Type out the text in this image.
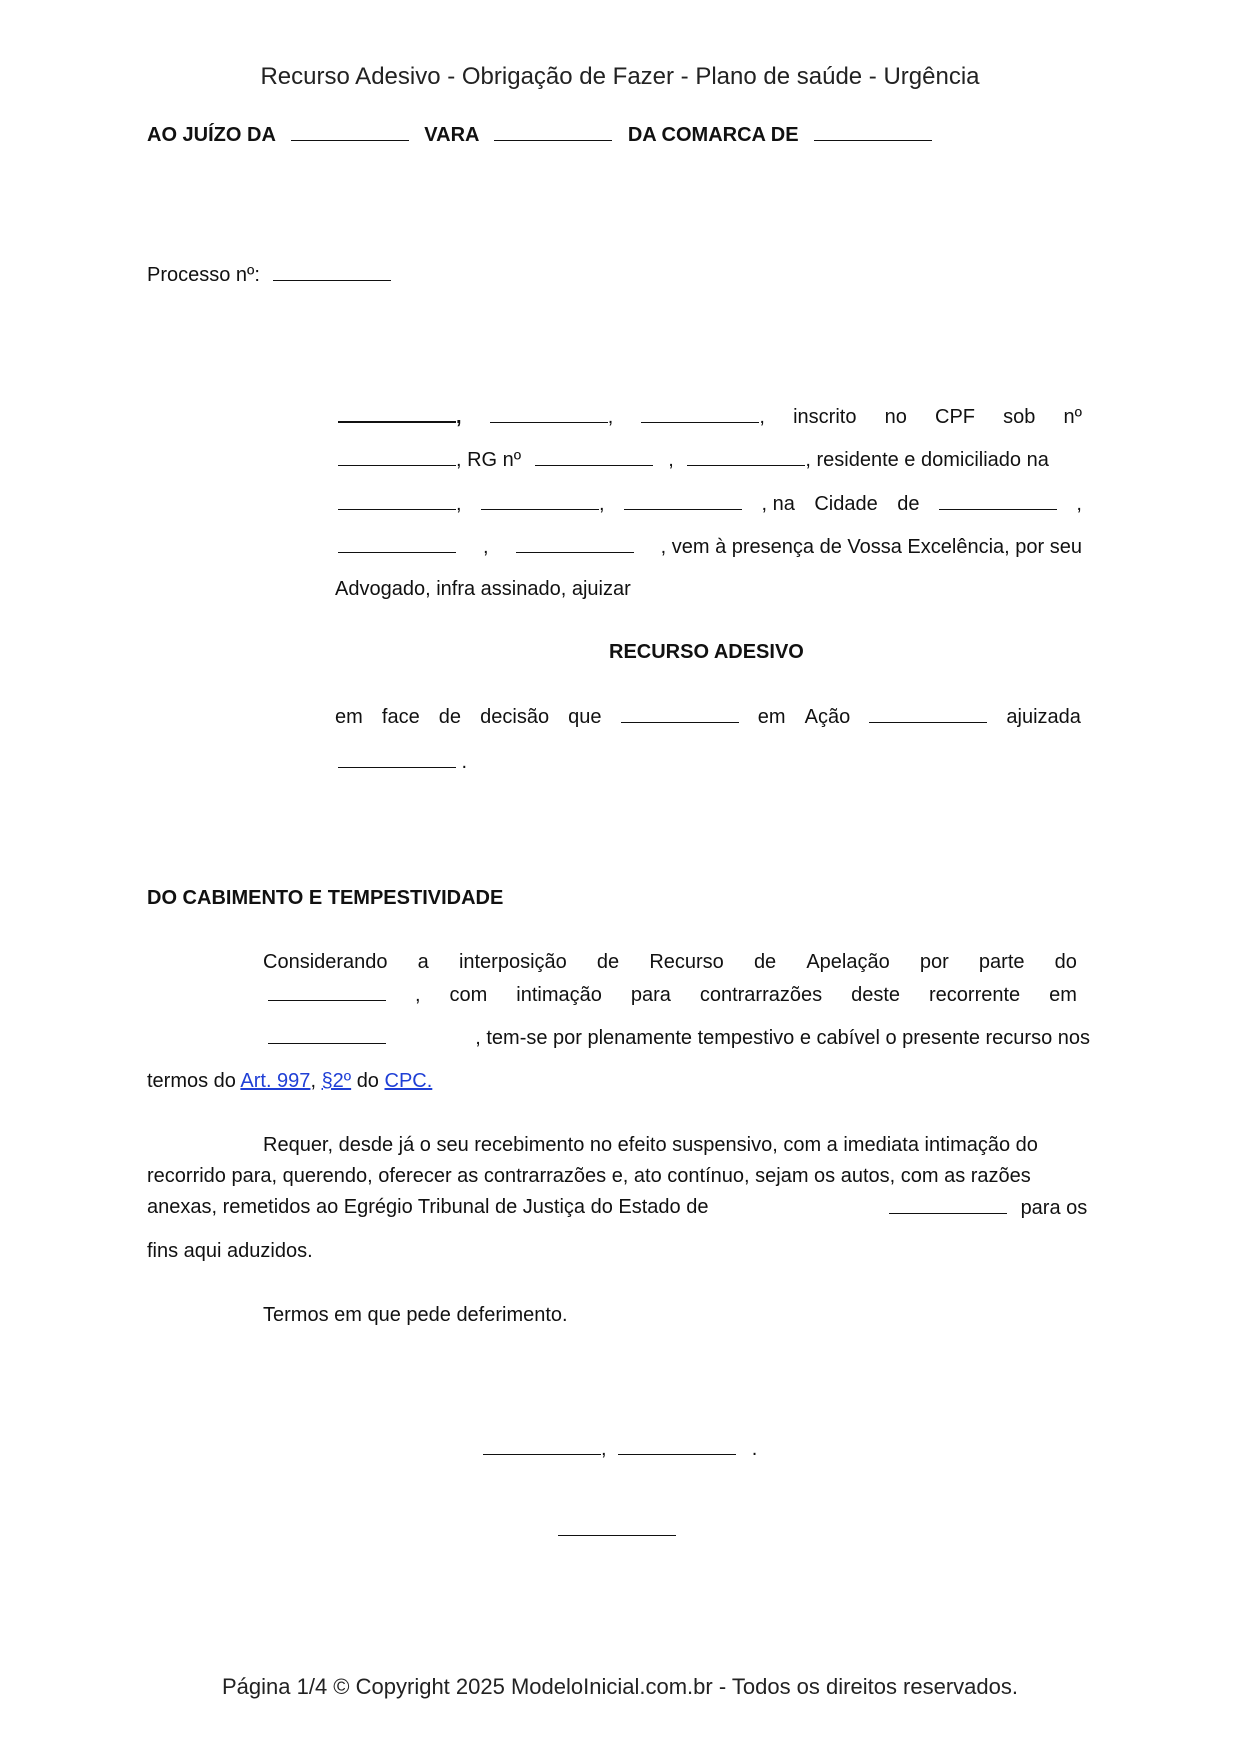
Recurso Adesivo - Obrigação de Fazer - Plano de saúde - Urgência
AO JUÍZO DA	VARA	DA COMARCA DE
Processo nº:
,	,	, inscrito no CPF sob nº
, RG nº	,	, residente e domiciliado na
,	,	, na Cidade de	,
,	, vem à presença de Vossa Excelência, por seu
Advogado, infra assinado, ajuizar
RECURSO ADESIVO
em face de decisão que	em Ação	ajuizada
.
DO CABIMENTO E TEMPESTIVIDADE
Considerando a interposição de Recurso de Apelação por parte do
, com intimação para contrarrazões deste recorrente em
, tem-se por plenamente tempestivo e cabível o presente recurso nos
termos do Art. 997, §2º do CPC.
Requer, desde já o seu recebimento no efeito suspensivo, com a imediata intimação do
recorrido para, querendo, oferecer as contrarrazões e, ato contínuo, sejam os autos, com as razões
anexas, remetidos ao Egrégio Tribunal de Justiça do Estado de	para os
fins aqui aduzidos.
Termos em que pede deferimento.
,	.
Página 1/4 © Copyright 2025 ModeloInicial.com.br - Todos os direitos reservados.
